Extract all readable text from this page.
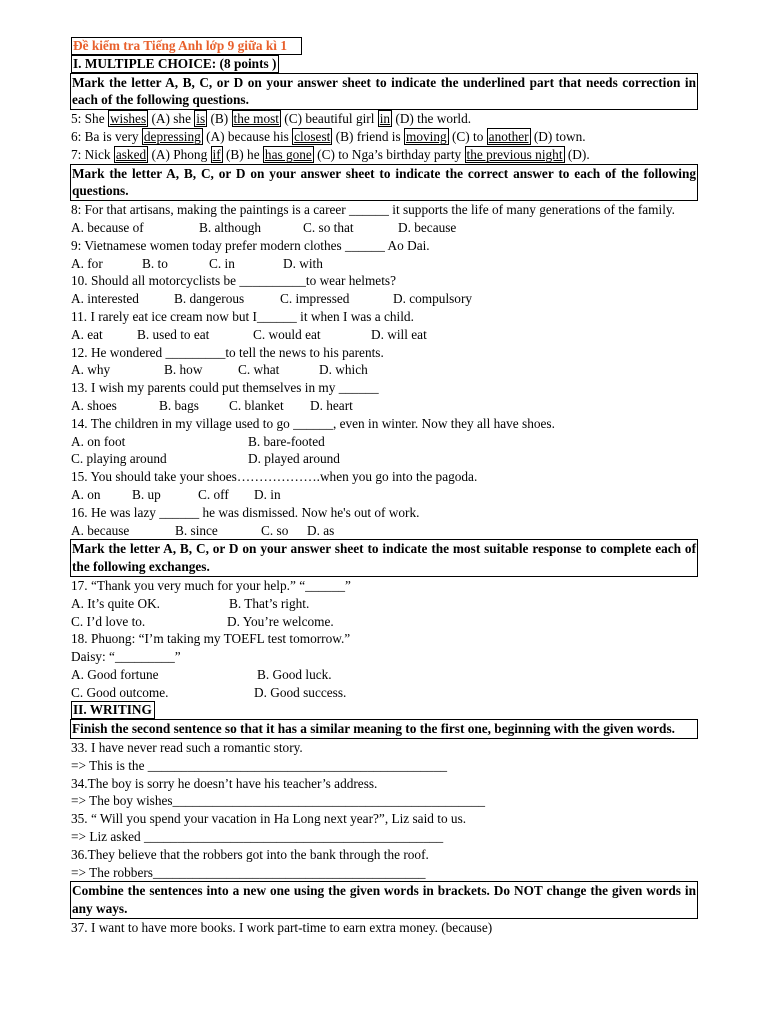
Đề kiểm tra Tiếng Anh lớp 9 giữa kì 1
I. MULTIPLE CHOICE: (8 points )
Mark the letter A, B, C, or D on your answer sheet to indicate the underlined part that needs correction in each of the following questions.
5: She wishes (A) she is (B) the most (C) beautiful girl in (D) the world.
6: Ba is very depressing (A) because his closest (B) friend is moving (C) to another (D) town.
7: Nick asked (A) Phong if (B) he has gone (C) to Nga’s birthday party the previous night (D).
Mark the letter A, B, C, or D on your answer sheet to indicate the correct answer to each of the following questions.
8: For that artisans, making the paintings is a career ______ it supports the life of many generations of the family.
A. because of	B. although	C. so that	D. because
9: Vietnamese women today prefer modern clothes ______ Ao Dai.
A. for	B. to	C. in	D. with
10. Should all motorcyclists be __________to wear helmets?
A. interested	B. dangerous	C. impressed	D. compulsory
11. I rarely eat ice cream now but I______ it when I was a child.
A. eat	B. used to eat	C. would eat	D. will eat
12. He wondered _________to tell the news to his parents.
A. why	B. how	C. what	D. which
13. I wish my parents could put themselves in my ______
A. shoes	B. bags C. blanket D. heart
14. The children in my village used to go ______, even in winter. Now they all have shoes.
A. on foot	B. bare-footed
C. playing around	D. played around
15. You should take your shoes……………….when you go into the pagoda.
A. on B. up	C. off D. in
16. He was lazy ______ he was dismissed. Now he's out of work.
A. because	B. since	C. so D. as
Mark the letter A, B, C, or D on your answer sheet to indicate the most suitable response to complete each of the following exchanges.
17. “Thank you very much for your help.” “______”
A. It’s quite OK.	B. That’s right.
C. I’d love to.	D. You’re welcome.
18. Phuong: “I’m taking my TOEFL test tomorrow.”
Daisy: “_________”
A. Good fortune	B. Good luck.
C. Good outcome.	D. Good success.
II. WRITING
Finish the second sentence so that it has a similar meaning to the first one, beginning with the given words.
33. I have never read such a romantic story.
=> This is the _____________________________________________
34.The boy is sorry he doesn’t have his teacher’s address.
=> The boy wishes_______________________________________________
35. “ Will you spend your vacation in Ha Long next year?”, Liz said to us.
=> Liz asked _____________________________________________
36.They believe that the robbers got into the bank through the roof.
=> The robbers_________________________________________
Combine the sentences into a new one using the given words in brackets. Do NOT change the given words in any ways.
37. I want to have more books. I work part-time to earn extra money. (because)
